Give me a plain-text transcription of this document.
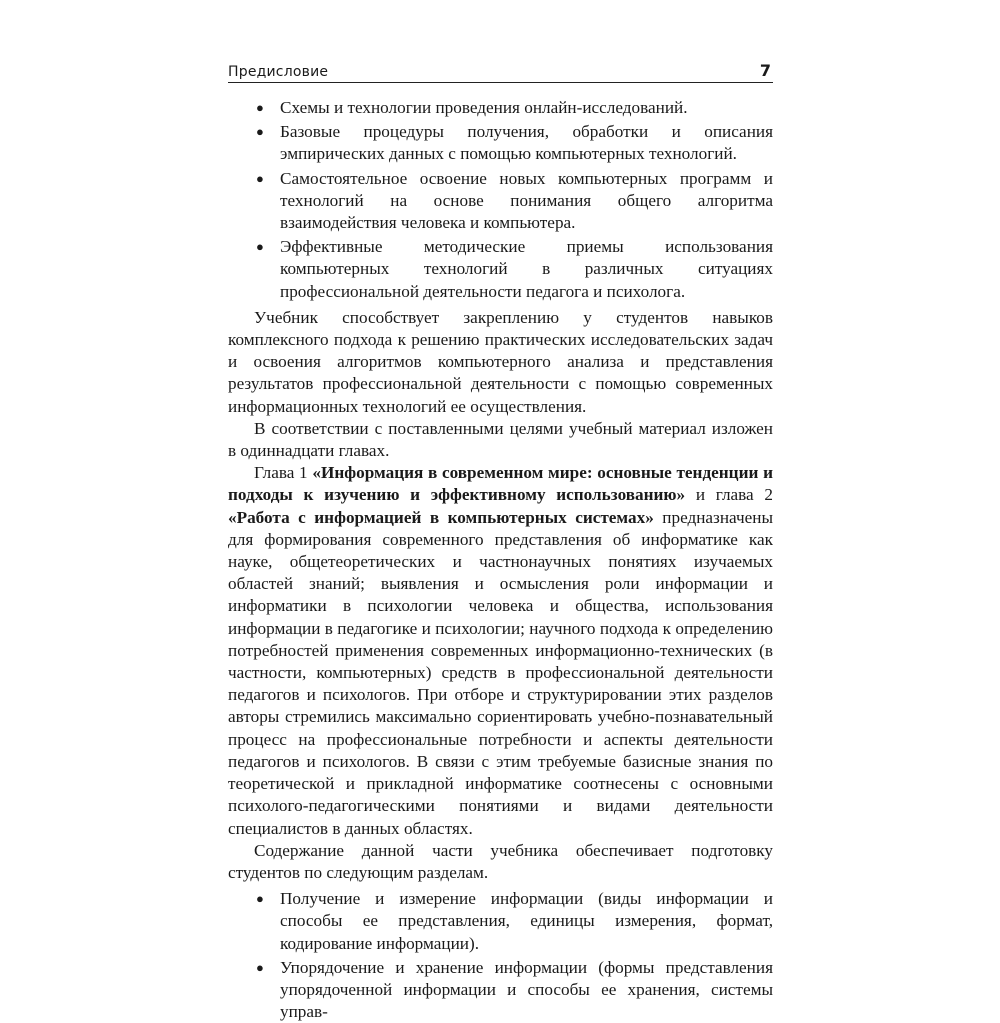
Предисловие	7
● Схемы и технологии проведения онлайн-исследований.
● Базовые процедуры получения, обработки и описания эмпирических данных с помощью компьютерных технологий.
● Самостоятельное освоение новых компьютерных программ и технологий на основе понимания общего алгоритма взаимодействия человека и компьютера.
● Эффективные методические приемы использования компьютерных технологий в различных ситуациях профессиональной деятельности педагога и психолога.

Учебник способствует закреплению у студентов навыков комплексного подхода к решению практических исследовательских задач и освоения алгоритмов компьютерного анализа и представления результатов профессиональной деятельности с помощью современных информационных технологий ее осуществления.

В соответствии с поставленными целями учебный материал изложен в одиннадцати главах.

Глава 1 «Информация в современном мире: основные тенденции и подходы к изучению и эффективному использованию» и глава 2 «Работа с информацией в компьютерных системах» предназначены для формирования современного представления об информатике как науке, общетеоретических и частнонаучных понятиях изучаемых областей знаний; выявления и осмысления роли информации и информатики в психологии человека и общества, использования информации в педагогике и психологии; научного подхода к определению потребностей применения современных информационно-технических (в частности, компьютерных) средств в профессиональной деятельности педагогов и психологов. При отборе и структурировании этих разделов авторы стремились максимально сориентировать учебно-познавательный процесс на профессиональные потребности и аспекты деятельности педагогов и психологов. В связи с этим требуемые базисные знания по теоретической и прикладной информатике соотнесены с основными психолого-педагогическими понятиями и видами деятельности специалистов в данных областях.

Содержание данной части учебника обеспечивает подготовку студентов по следующим разделам.

● Получение и измерение информации (виды информации и способы ее представления, единицы измерения, формат, кодирование информации).
● Упорядочение и хранение информации (формы представления упорядоченной информации и способы ее хранения, системы управ-
